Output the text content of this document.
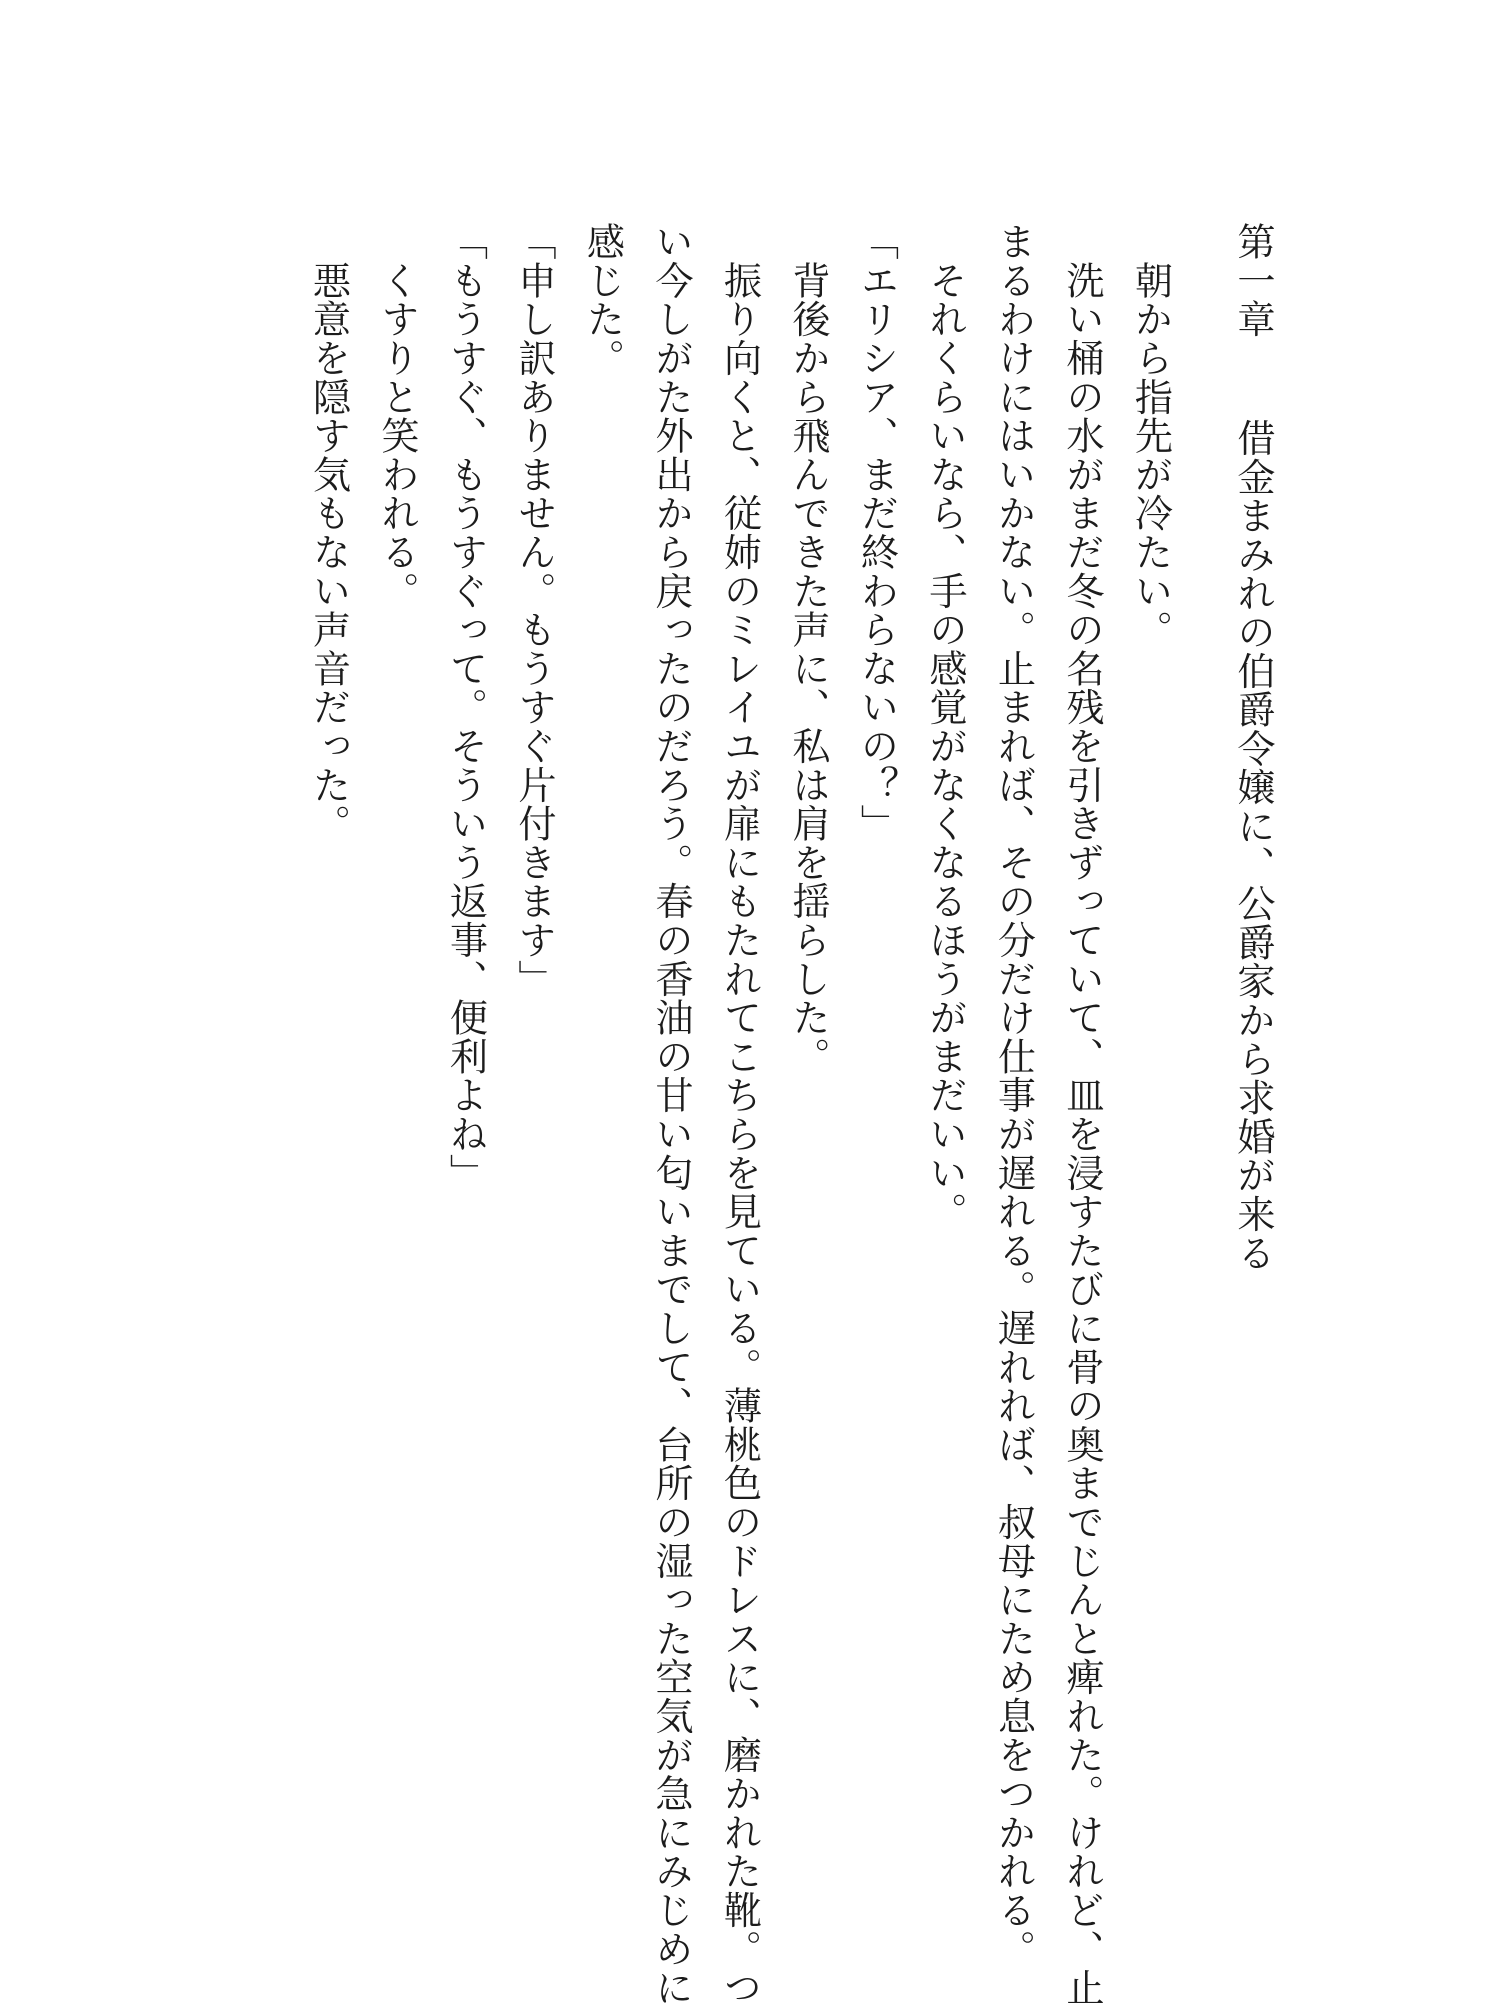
第一章借金まみれの伯爵令嬢に、公爵家から求婚が来る
　朝から指先が冷たい。
　洗い桶の水がまだ冬の名残を引きずっていて、皿を浸すたびに骨の奥までじんと痺れた。けれど、止
まるわけにはいかない。止まれば、その分だけ仕事が遅れる。遅れれば、叔母にため息をつかれる。
　それくらいなら、手の感覚がなくなるほうがまだいい。
「エリシア、まだ終わらないの？」
　背後から飛んできた声に、私は肩を揺らした。
　振り向くと、従姉のミレイユが扉にもたれてこちらを見ている。薄桃色のドレスに、磨かれた靴。つ
い今しがた外出から戻ったのだろう。春の香油の甘い匂いまでして、台所の湿った空気が急にみじめに
感じた。
「申し訳ありません。もうすぐ片付きます」
「もうすぐ、もうすぐって。そういう返事、便利よね」
　くすりと笑われる。
　悪意を隠す気もない声音だった。
